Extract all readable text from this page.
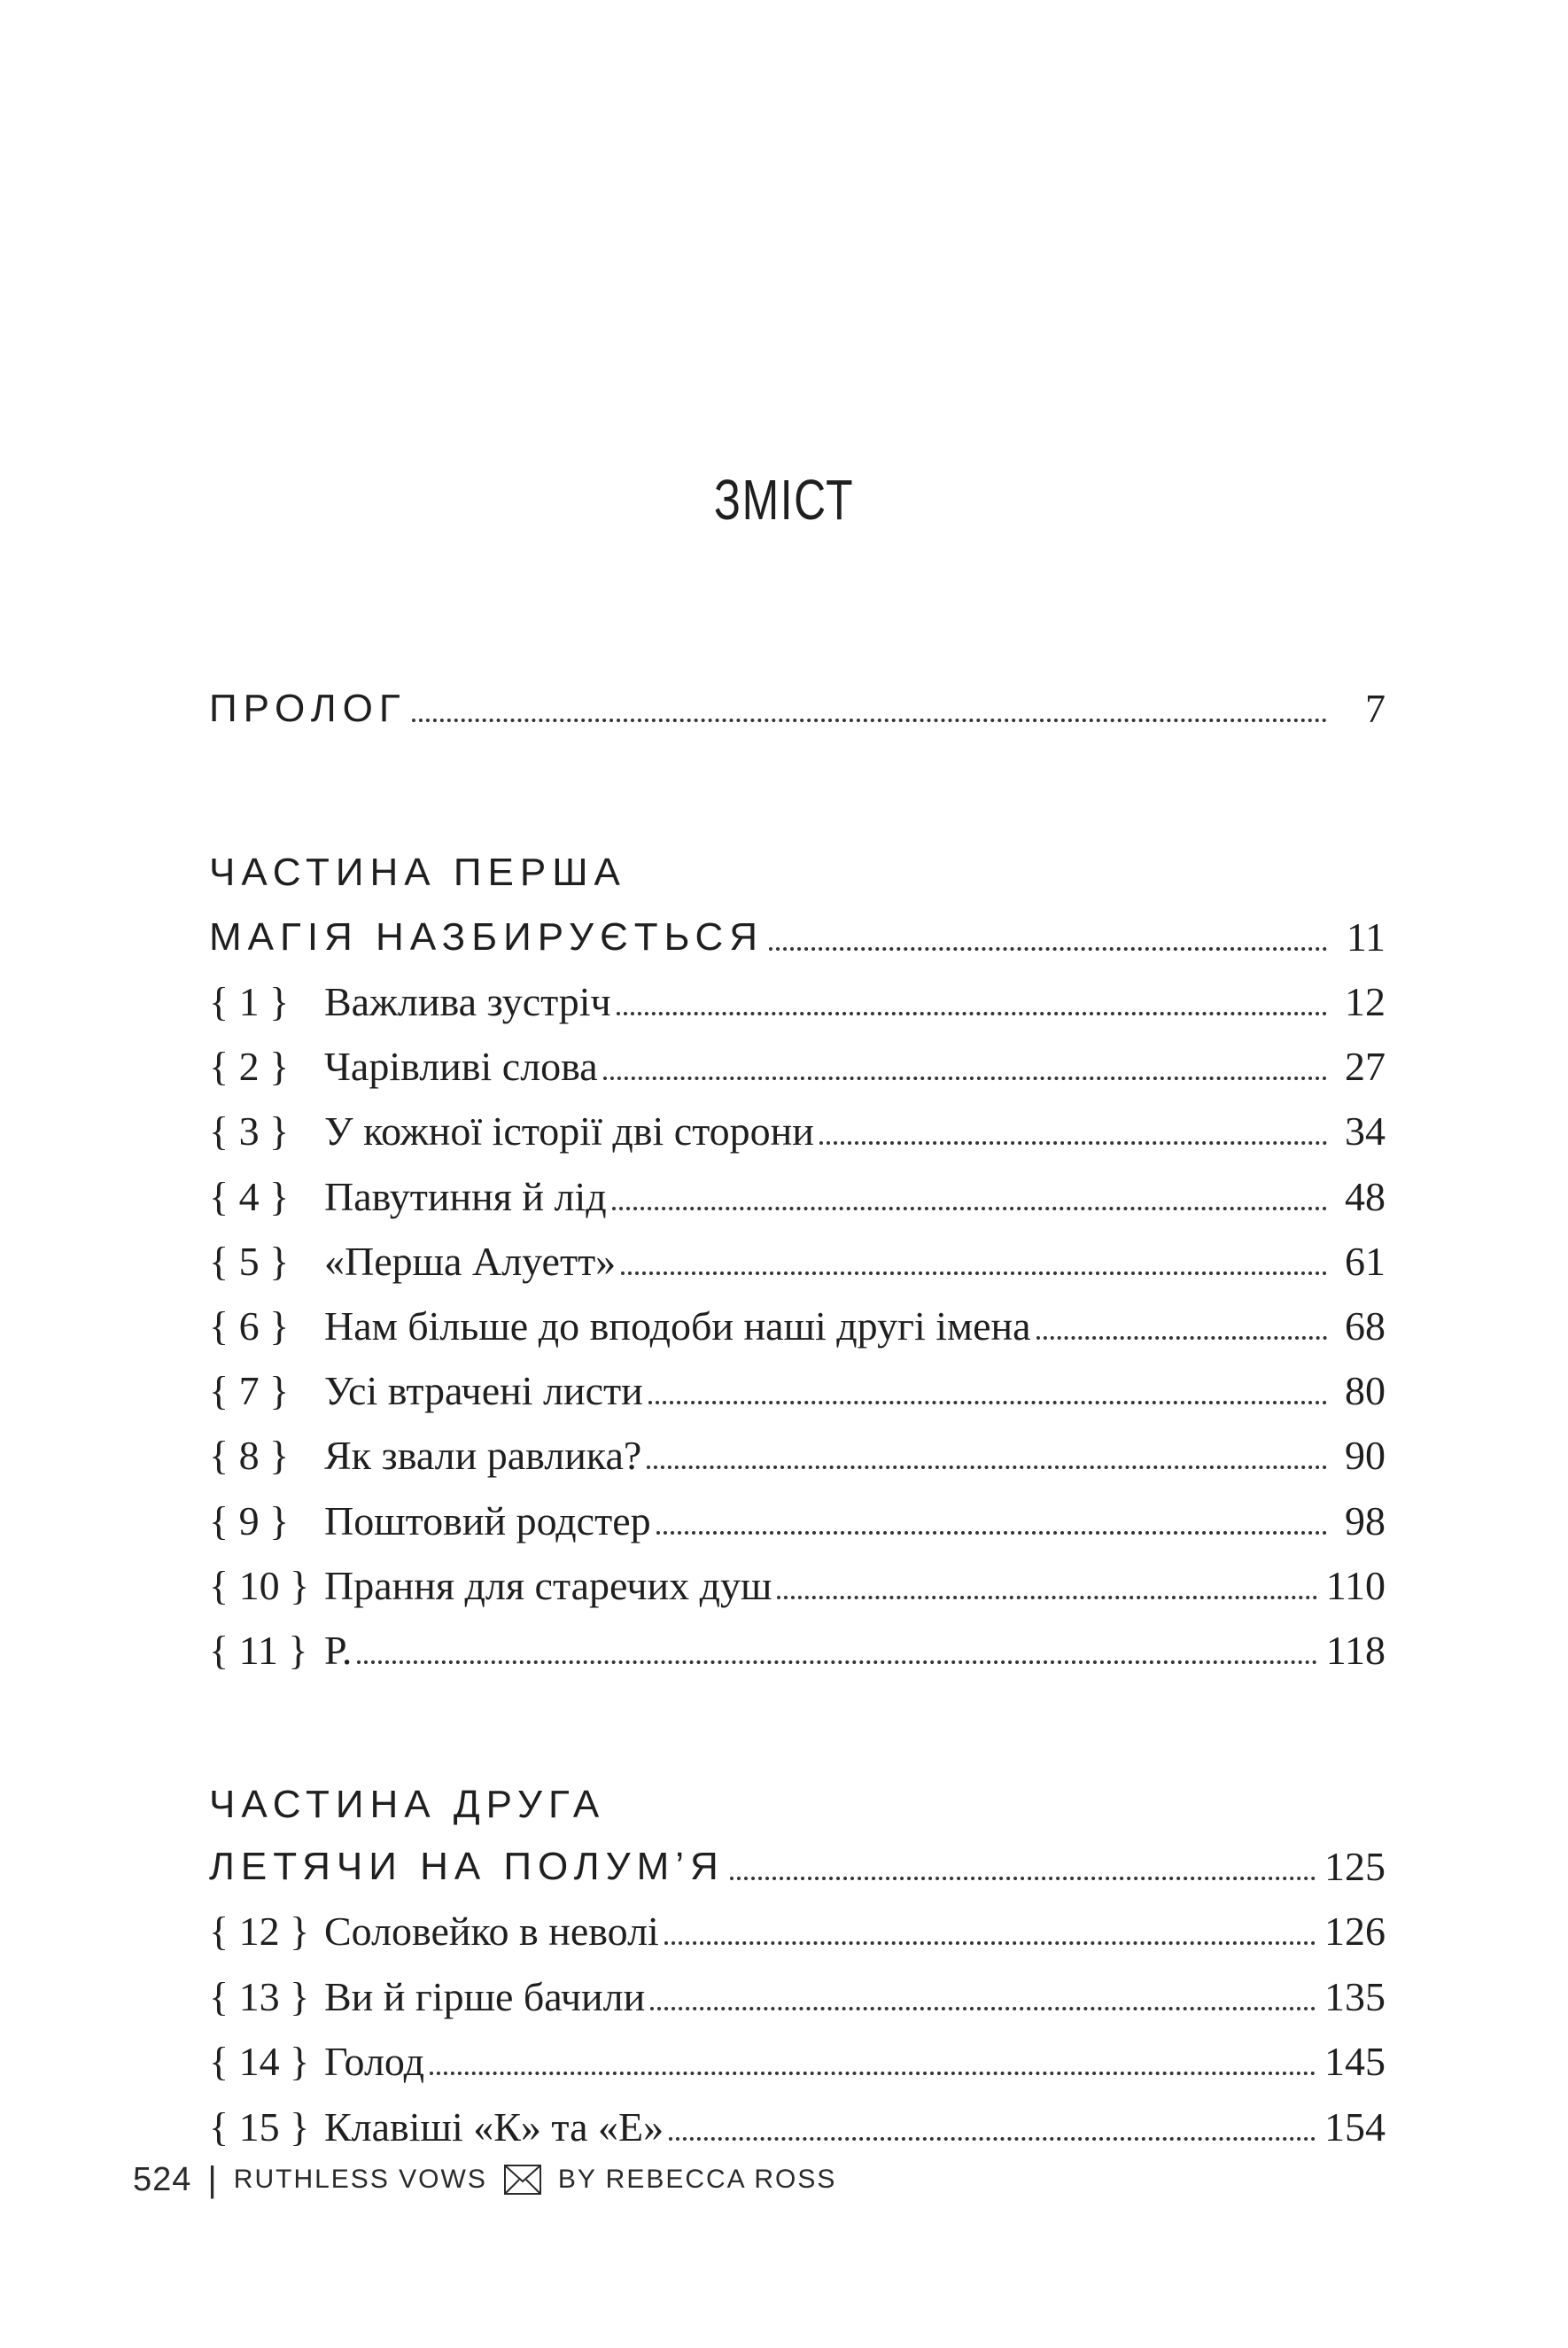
ЗМІСТ
ПРОЛОГ	7
ЧАСТИНА ПЕРША
МАГІЯ НАЗБИРУЄТЬСЯ	11
{ 1 } Важлива зустріч	12
{ 2 } Чарівливі слова	27
{ 3 } У кожної історії дві сторони	34
{ 4 } Павутиння й лід	48
{ 5 } «Перша Алуетт»	61
{ 6 } Нам більше до вподоби наші другі імена	68
{ 7 } Усі втрачені листи	80
{ 8 } Як звали равлика?	90
{ 9 } Поштовий родстер	98
{ 10 } Прання для старечих душ	110
{ 11 } Р.	118
ЧАСТИНА ДРУГА
ЛЕТЯЧИ НА ПОЛУМ’Я	125
{ 12 } Соловейко в неволі	126
{ 13 } Ви й гірше бачили	135
{ 14 } Голод	145
{ 15 } Клавіші «К» та «Е»	154
524 | RUTHLESS VOWS	BY REBECCA ROSS
